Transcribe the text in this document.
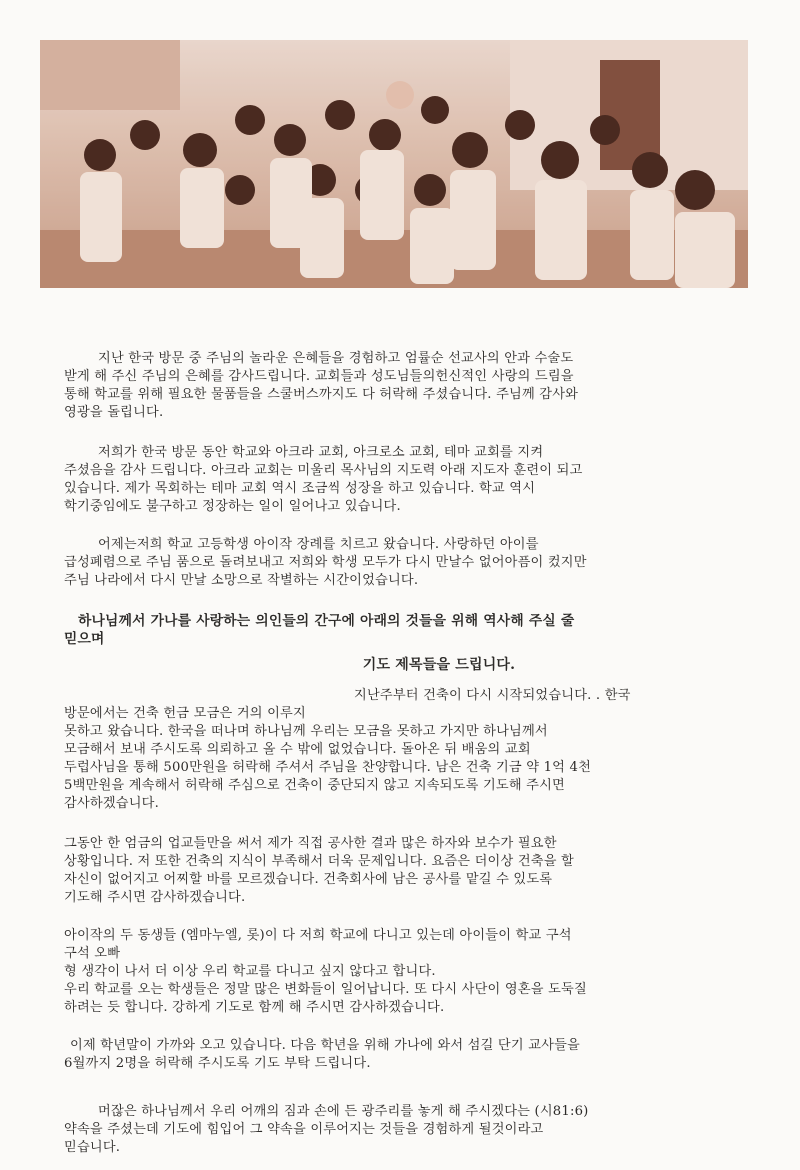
지난 한국 방문 중 주님의 놀라운 은혜들을 경험하고 엄률순 선교사의 안과 수술도
받게 해 주신 주님의 은혜를 감사드립니다. 교회들과 성도님들의헌신적인 사랑의 드림을
통해 학교를 위해 필요한 물품들을 스쿨버스까지도 다 허락해 주셨습니다. 주님께 감사와
영광을 돌립니다.
저희가 한국 방문 동안 학교와 아크라 교회, 아크로소 교회, 테마 교회를 지켜
주셨음을 감사 드립니다. 아크라 교회는 미울리 목사님의 지도력 아래 지도자 훈련이 되고
있습니다. 제가 목회하는 테마 교회 역시 조금씩 성장을 하고 있습니다. 학교 역시
학기중임에도 불구하고 정장하는 일이 일어나고 있습니다.
어제는저희 학교 고등학생 아이작 장례를 치르고 왔습니다. 사랑하던 아이를
급성폐렴으로 주님 품으로 돌려보내고 저희와 학생 모두가 다시 만날수 없어아픔이 컸지만
주님 나라에서 다시 만날 소망으로 작별하는 시간이었습니다.
하나님께서 가나를 사랑하는 의인들의 간구에 아래의 것들을 위해 역사해 주실 줄
믿으며
기도 제목들을 드립니다.
지난주부터 건축이 다시 시작되었습니다. . 한국
방문에서는 건축 헌금 모금은 거의 이루지
못하고 왔습니다. 한국을 떠나며 하나님께 우리는 모금을 못하고 가지만 하나님께서
모금해서 보내 주시도록 의뢰하고 올 수 밖에 없었습니다. 돌아온 뒤 배움의 교회
두럽사님을 통해 500만원을 허락해 주셔서 주님을 찬양합니다. 남은 건축 기금 약 1억 4천
5백만원을 계속해서 허락해 주심으로 건축이 중단되지 않고 지속되도록 기도해 주시면
감사하겠습니다.
그동안 한 엄금의 업교들만을 써서 제가 직접 공사한 결과 많은 하자와 보수가 필요한
상황입니다. 저 또한 건축의 지식이 부족해서 더욱 문제입니다. 요즘은 더이상 건축을 할
자신이 없어지고 어찌할 바를 모르겠습니다. 건축회사에 남은 공사를 맡길 수 있도록
기도해 주시면 감사하겠습니다.
아이작의 두 동생들 (엠마누엘, 롯)이 다 저희 학교에 다니고 있는데 아이들이 학교 구석
구석 오빠
형 생각이 나서 더 이상 우리 학교를 다니고 싶지 않다고 합니다.
우리 학교를 오는 학생들은 정말 많은 변화들이 일어납니다. 또 다시 사단이 영혼을 도둑질
하려는 듯 합니다. 강하게 기도로 함께 해 주시면 감사하겠습니다.
이제 학년말이 가까와 오고 있습니다. 다음 학년을 위해 가나에 와서 섬길 단기 교사들을
6월까지 2명을 허락해 주시도록 기도 부탁 드립니다.
머잖은 하나님께서 우리 어깨의 짐과 손에 든 광주리를 놓게 해 주시겠다는 (시81:6)
약속을 주셨는데 기도에 힘입어 그 약속을 이루어지는 것들을 경험하게 될것이라고
믿습니다.
